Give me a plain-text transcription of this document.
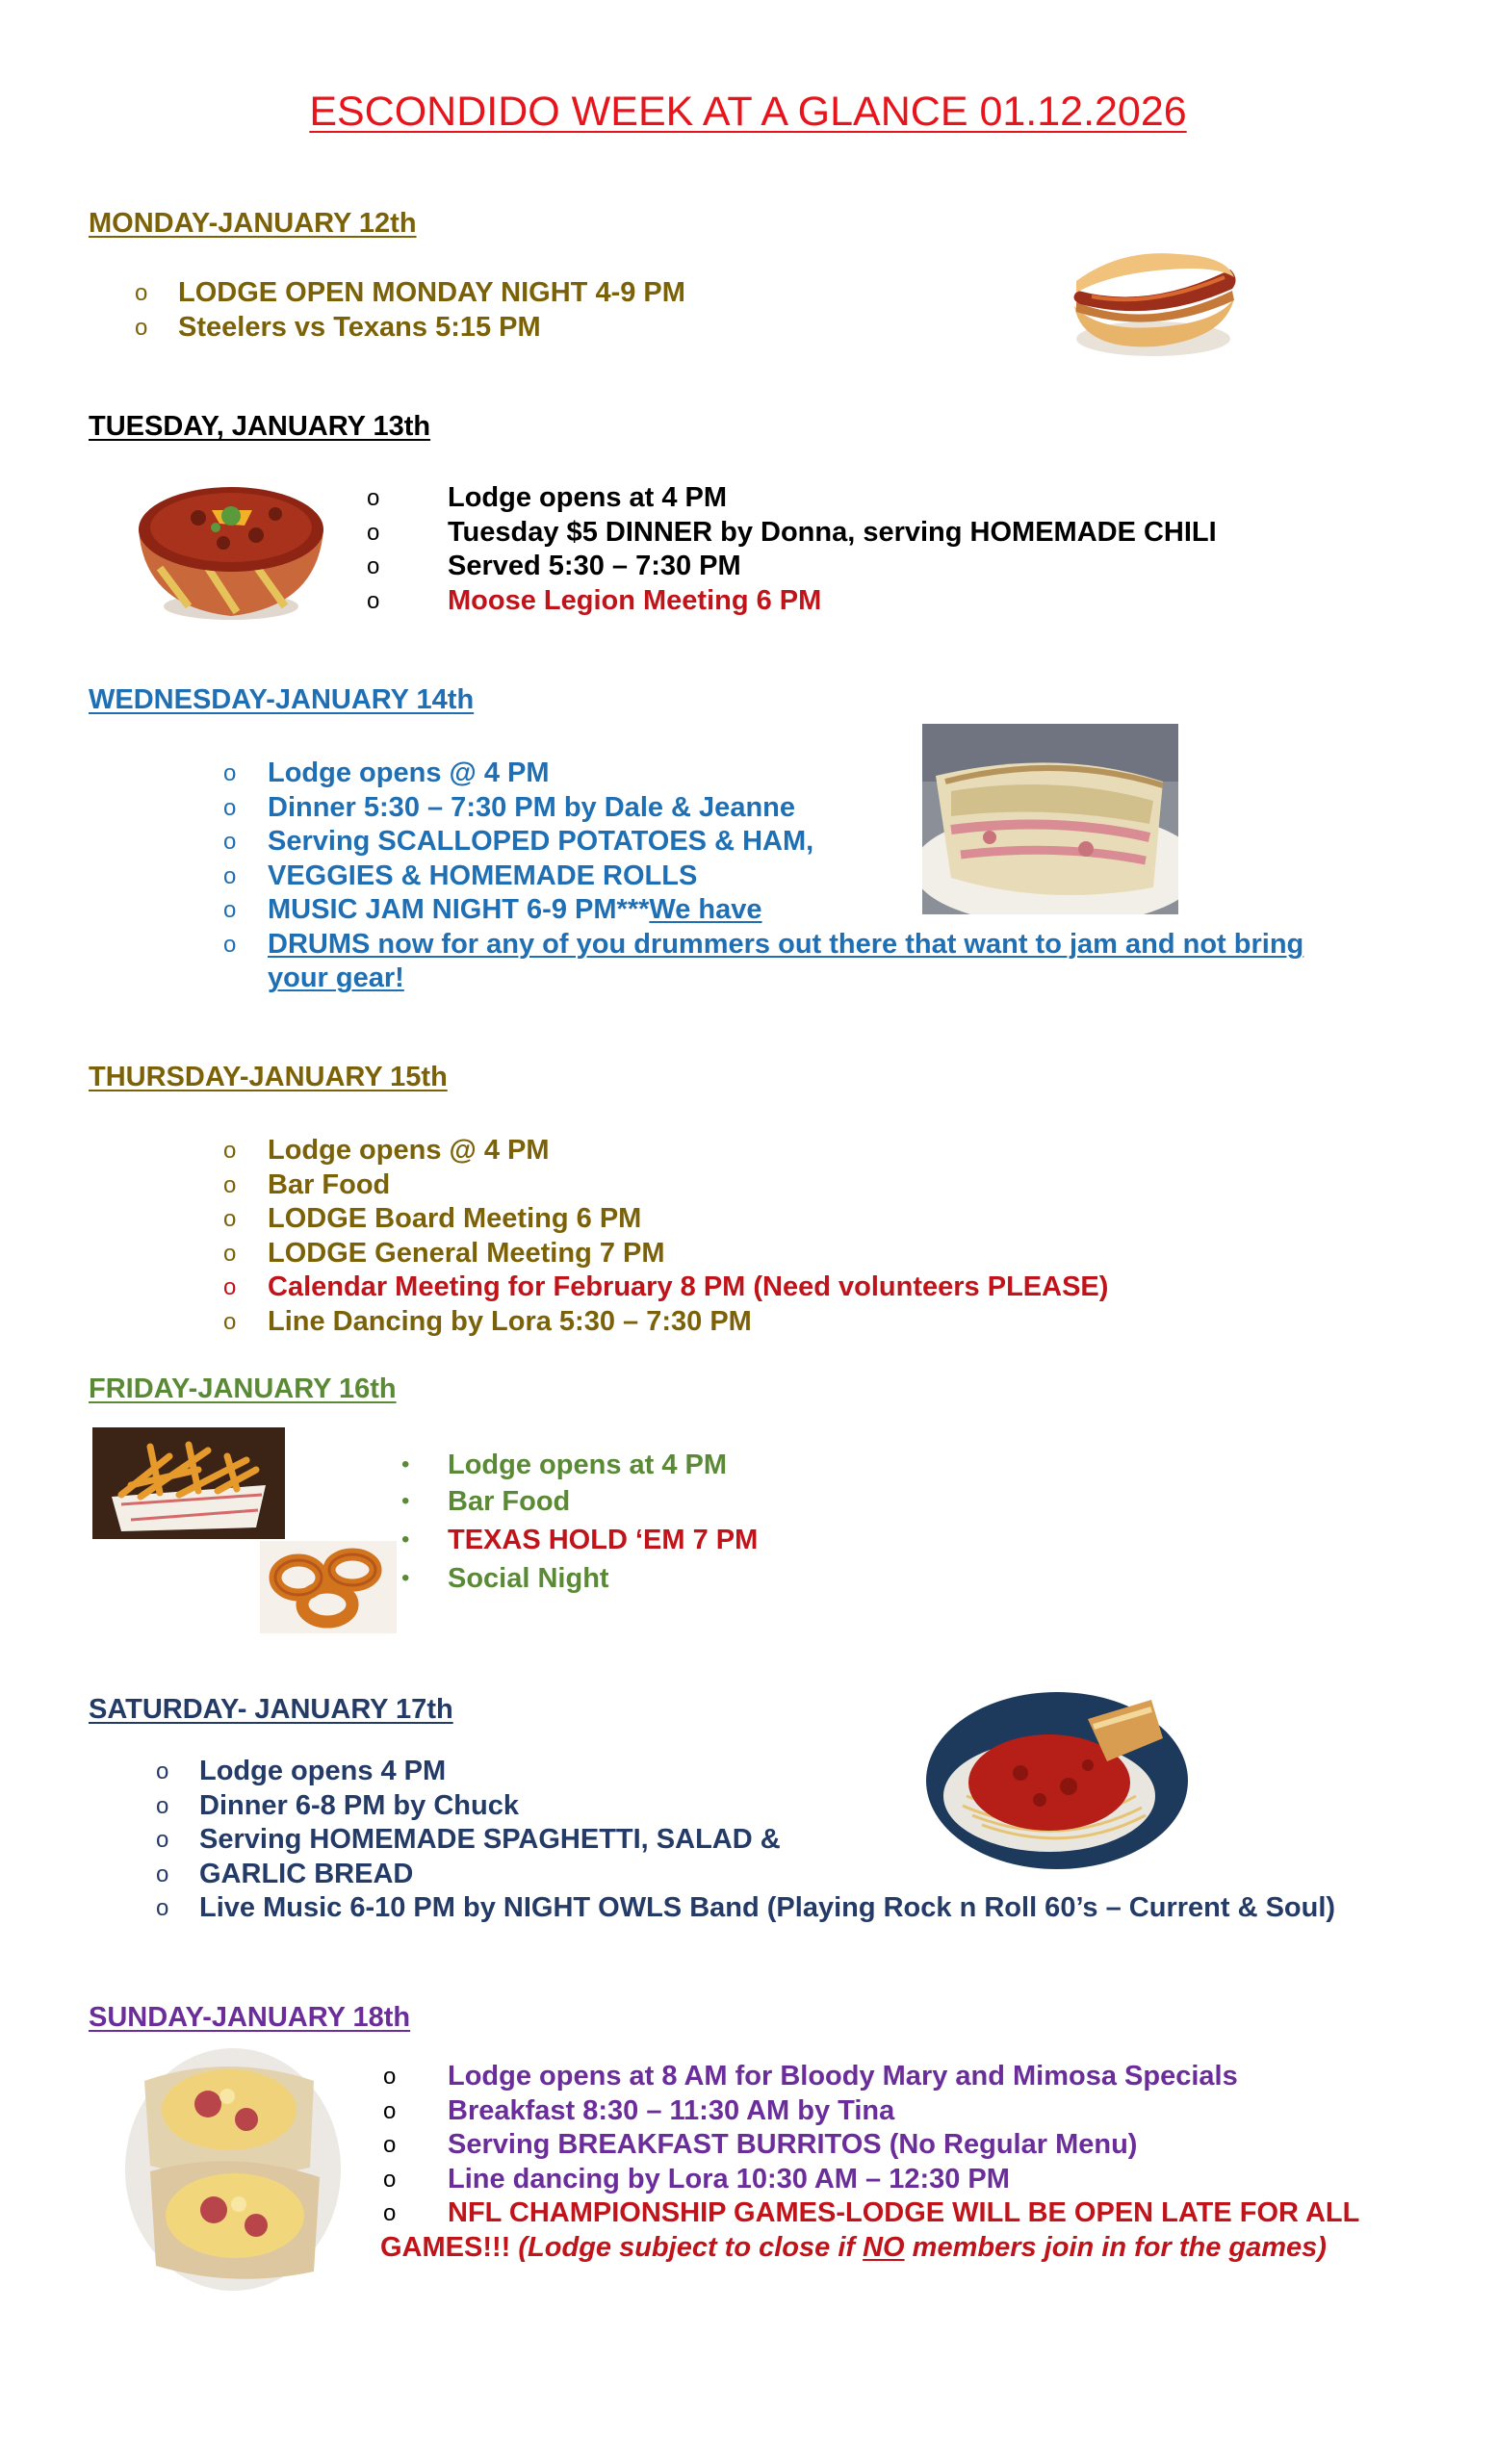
ESCONDIDO WEEK AT A GLANCE 01.12.2026
MONDAY-JANUARY 12th
o LODGE OPEN MONDAY NIGHT 4-9 PM
o Steelers vs Texans 5:15 PM
TUESDAY, JANUARY 13th
o Lodge opens at 4 PM
o Tuesday $5 DINNER by Donna, serving HOMEMADE CHILI
o Served 5:30 – 7:30 PM
o Moose Legion Meeting 6 PM
WEDNESDAY-JANUARY 14th
o Lodge opens @ 4 PM
o Dinner 5:30 – 7:30 PM by Dale & Jeanne
o Serving SCALLOPED POTATOES & HAM,
o VEGGIES & HOMEMADE ROLLS
o MUSIC JAM NIGHT 6-9 PM***We have
o DRUMS now for any of you drummers out there that want to jam and not bring
your gear!
THURSDAY-JANUARY 15th
o Lodge opens @ 4 PM
o Bar Food
o LODGE Board Meeting 6 PM
o LODGE General Meeting 7 PM
o Calendar Meeting for February 8 PM (Need volunteers PLEASE)
o Line Dancing by Lora 5:30 – 7:30 PM
FRIDAY-JANUARY 16th
• Lodge opens at 4 PM
• Bar Food
• TEXAS HOLD ‘EM 7 PM
• Social Night
SATURDAY- JANUARY 17th
o Lodge opens 4 PM
o Dinner 6-8 PM by Chuck
o Serving HOMEMADE SPAGHETTI, SALAD &
o GARLIC BREAD
o Live Music 6-10 PM by NIGHT OWLS Band (Playing Rock n Roll 60’s – Current & Soul)
SUNDAY-JANUARY 18th
o Lodge opens at 8 AM for Bloody Mary and Mimosa Specials
o Breakfast 8:30 – 11:30 AM by Tina
o Serving BREAKFAST BURRITOS (No Regular Menu)
o Line dancing by Lora 10:30 AM – 12:30 PM
o NFL CHAMPIONSHIP GAMES-LODGE WILL BE OPEN LATE FOR ALL
GAMES!!! (Lodge subject to close if NO members join in for the games)
